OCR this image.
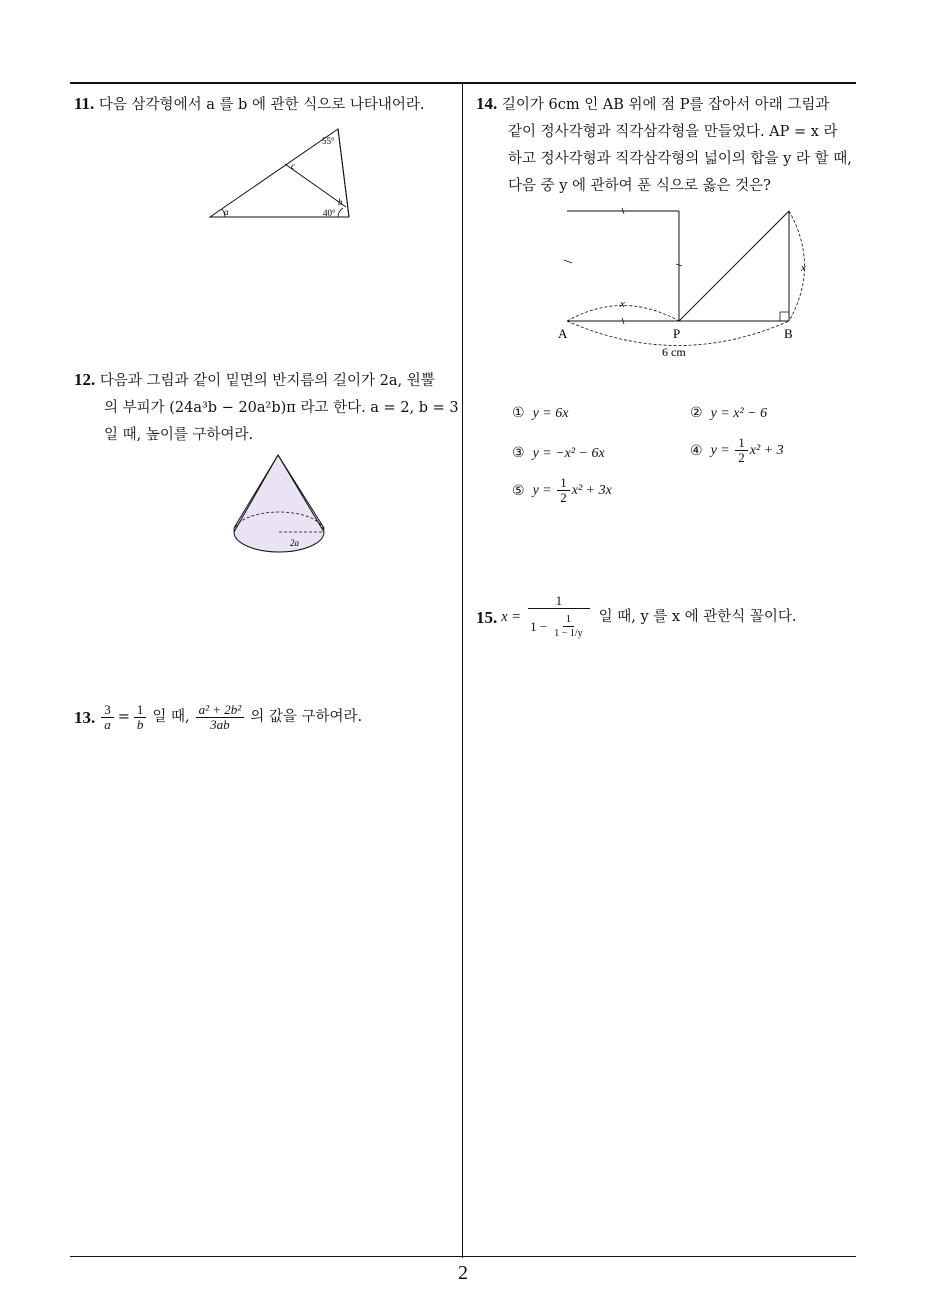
11. 다음 삼각형에서 a 를 b 에 관한 식으로 나타내어라.
a	40°
55°
c
b
12. 다음과 그림과 같이 밑면의 반지름의 길이가 2a, 원뿔
의 부피가 (24a³b − 20a²b)π 라고 한다. a = 2, b = 3
일 때, 높이를 구하여라.
2a
13. $\frac{3}{a} = \frac{1}{b}$ 일 때, $\frac{\text{a² + 2b²}}{3ab}$ 의 값을 구하여라.
14. 길이가 6cm 인 AB 위에 점 P를 잡아서 아래 그림과
같이 정사각형과 직각삼각형을 만들었다. AP = x 라
하고 정사각형과 직각삼각형의 넓이의 합을 y 라 할 때,
다음 중 y 에 관하여 푼 식으로 옳은 것은?
A	P	B
x
x
6 cm
① y = 6x	② y = x² − 6
③ y = −x² − 6x	④ $y = \frac{1}{2} x^2 + 3$
⑤ $y = \frac{1}{2} x^2 + 3x$
15. $x = \frac{1}{1 - \frac{1}{1 - 1/y}}$ 일 때, y 를 x 에 관한식 꼴이다.
2
